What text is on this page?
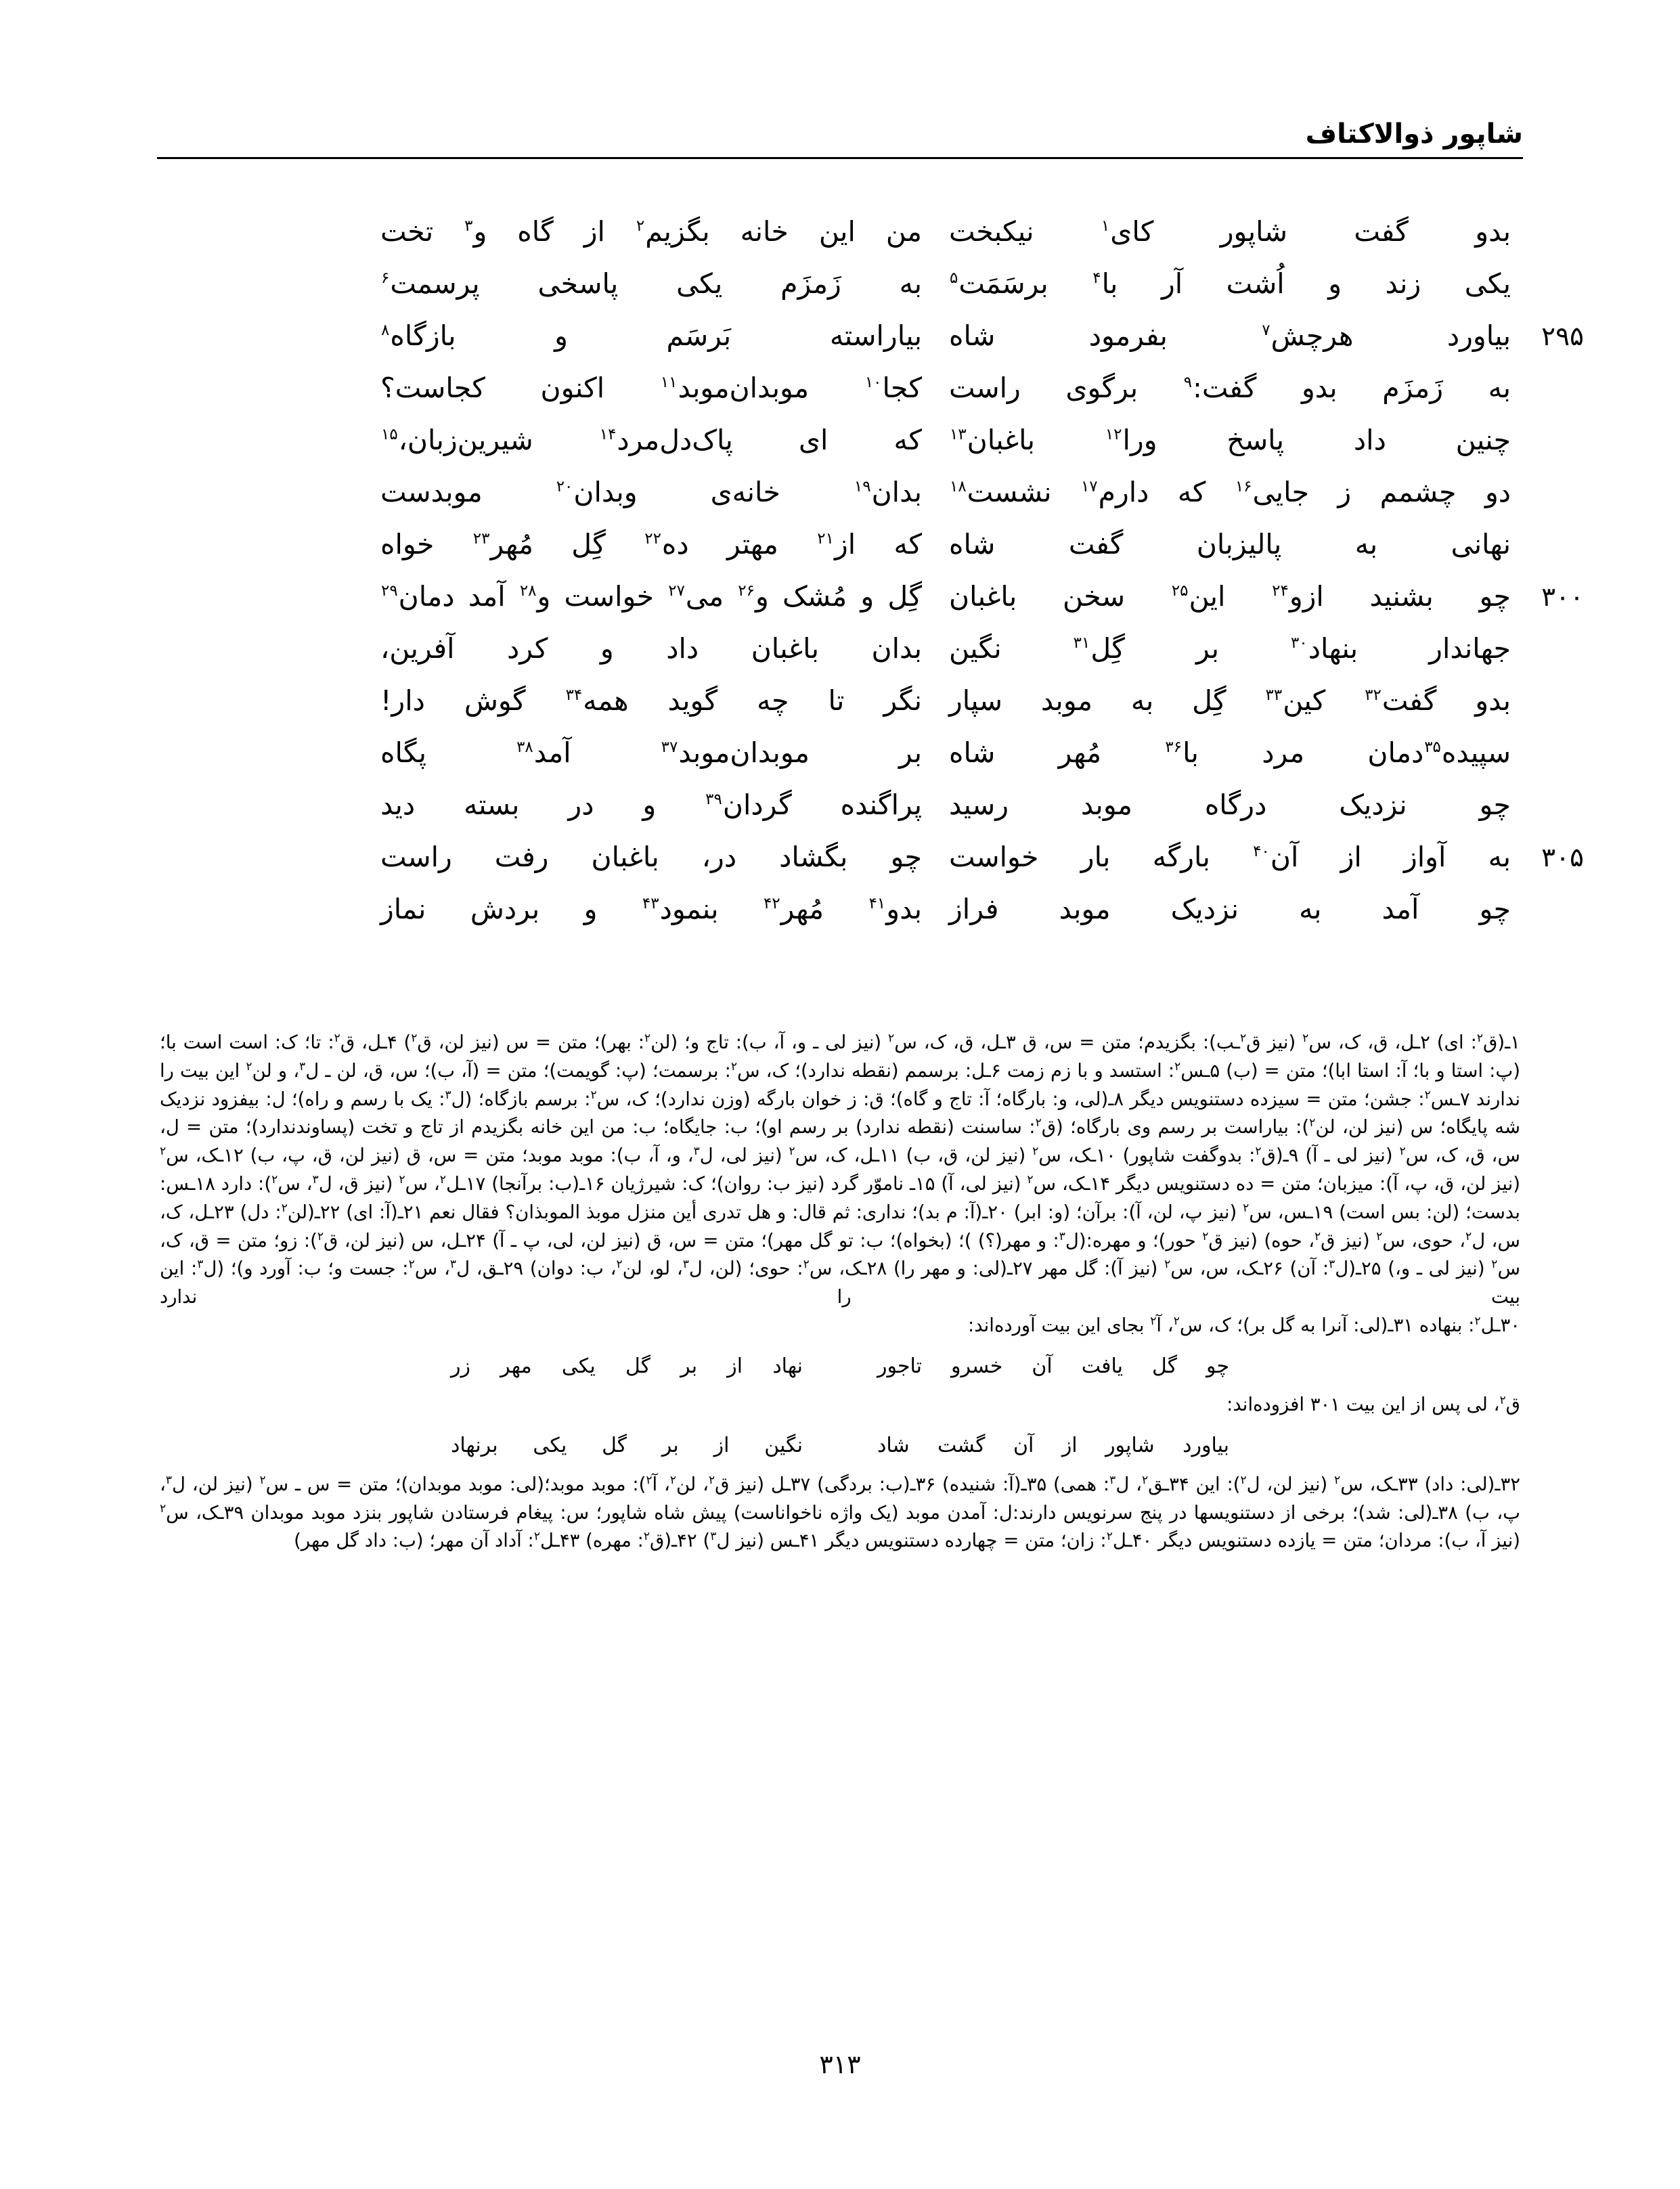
شاپور ذوالاکتاف
بدو گفت شاپور کای$^۱$ نیکبخت
من این خانه بگزیم$^۲$ از گاه و$^۳$ تخت
یکی زند و اُشت آر با$^۴$ برسَمَت$^۵$
به زَمزَم یکی پاسخی پرسمت$^۶$
۲۹۵
بیاورد هرچش$^۷$ بفرمود شاه
بیاراسته بَرسَم و بازگاه$^۸$
به زَمزَم بدو گفت:$^۹$ برگوی راست
کجا$^{۱۰}$ موبدان‌موبد$^{۱۱}$ اکنون کجاست؟
چنین داد پاسخ ورا$^{۱۲}$ باغبان$^{۱۳}$
که ای پاک‌دل‌مرد$^{۱۴}$ شیرین‌زبان،$^{۱۵}$
دو چشمم ز جایی$^{۱۶}$ که دارم$^{۱۷}$ نشست$^{۱۸}$
بدان$^{۱۹}$ خانه‌ی وبدان$^{۲۰}$ موبدست
نهانی به پالیزبان گفت شاه
که از$^{۲۱}$ مهتر ده$^{۲۲}$ گِل مُهر$^{۲۳}$ خواه
۳۰۰
چو بشنید ازو$^{۲۴}$ این$^{۲۵}$ سخن باغبان
گِل و مُشک و$^{۲۶}$ می$^{۲۷}$ خواست و$^{۲۸}$ آمد دمان$^{۲۹}$
جهاندار بنهاد$^{۳۰}$ بر گِل$^{۳۱}$ نگین
بدان باغبان داد و کرد آفرین،
بدو گفت$^{۳۲}$ کین$^{۳۳}$ گِل به موبد سپار
نگر تا چه گوید همه$^{۳۴}$ گوش دار!
سپیده$^{۳۵}$دمان مرد با$^{۳۶}$ مُهر شاه
بر موبدان‌موبد$^{۳۷}$ آمد$^{۳۸}$ پگاه
چو نزدیک درگاه موبد رسید
پراگنده گردان$^{۳۹}$ و در بسته دید
۳۰۵
به آواز از آن$^{۴۰}$ بارگه بار خواست
چو بگشاد در، باغبان رفت راست
چو آمد به نزدیک موبد فراز
بدو$^{۴۱}$ مُهر$^{۴۲}$ بنمود$^{۴۳}$ و بردش نماز

۱ـ(ق$^۲$: ای) ۲ـل، ق، ک، س$^۲$ (نیز ق$^۲$ـب): بگزیدم؛ متن = س، ق ۳ـل، ق، ک، س$^۲$ (نیز لی ـ و، آ، ب): تاج و؛ (لن$^۲$: بهر)؛ متن = س (نیز لن، ق$^۲$) ۴ـل، ق$^۲$: تا؛ ک: است است با؛ (پ: استا و با؛ آ: استا ابا)؛ متن = (ب) ۵ـس$^۲$: استسد و با زم زمت ۶ـل: برسمم (نقطه ندارد)؛ ک، س$^۲$: برسمت؛ (پ: گویمت)؛ متن = (آ، ب)؛ س، ق، لن ـ ل$^۳$، و لن$^۲$ این بیت را ندارند ۷ـس$^۲$: جشن؛ متن = سیزده دستنویس دیگر ۸ـ(لی، و: بارگاه؛ آ: تاج و گاه)؛ ق: ز خوان بارگه (وزن ندارد)؛ ک، س$^۲$: برسم بازگاه؛ (ل$^۳$: یک با رسم و راه)؛ ل: بیفزود نزدیک شه پایگاه؛ س (نیز لن، لن$^۲$): بیاراست بر رسم وی بارگاه؛ (ق$^۲$: ساسنت (نقطه ندارد) بر رسم او)؛ ب: جایگاه؛ ب: من این خانه بگزیدم از تاج و تخت (پساوندندارد)؛ متن = ل، س، ق، ک، س$^۲$ (نیز لی ـ آ) ۹ـ(ق$^۲$: بدوگفت شاپور) ۱۰ـک، س$^۲$ (نیز لن، ق، ب) ۱۱ـل، ک، س$^۲$ (نیز لی، ل$^۳$، و، آ، ب): موبد موبد؛ متن = س، ق (نیز لن، ق، پ، ب) ۱۲ـک، س$^۲$ (نیز لن، ق، پ، آ): میزبان؛ متن = ده دستنویس دیگر ۱۴ـک، س$^۲$ (نیز لی، آ) ۱۵ـ ناموّر گرد (نیز ب: روان)؛ ک: شیرژیان ۱۶ـ(ب: برآنجا) ۱۷ـل$^۲$، س$^۲$ (نیز ق، ل$^۳$، س$^۲$): دارد ۱۸ـس: بدست؛ (لن: بس است) ۱۹ـس، س$^۲$ (نیز پ، لن، آ): برآن؛ (و: ابر) ۲۰ـ(آ: م بد)؛ ندارى: ثم قال: و هل تدرى أين منزل موبذ الموبذان؟ فقال نعم ۲۱ـ(آ: ای) ۲۲ـ(لن$^۲$: دل) ۲۳ـل، ک، س، ل$^۲$، حوی، س$^۲$ (نیز ق$^۲$، حوه) (نیز ق$^۲$ حور)؛ و مهره:(ل$^۳$: و مهر(؟) )؛ (بخواه)؛ ب: تو گل مهر)؛ متن = س، ق (نیز لن، لی، پ ـ آ) ۲۴ـل، س (نیز لن، ق$^۲$): زو؛ متن = ق، ک، س$^۲$ (نیز لی ـ و،) ۲۵ـ(ل$^۳$: آن) ۲۶ـک، س، س$^۲$ (نیز آ): گل مهر ۲۷ـ(لی: و مهر را) ۲۸ـک، س$^۲$: حوی؛ (لن، ل$^۳$، لو، لن$^۲$، ب: دوان) ۲۹ـق، ل$^۳$، س$^۲$: جست و؛ ب: آورد و)؛ (ل$^۳$: این بیت را ندارد

۳۰ـل$^۲$: بنهاده ۳۱ـ(لی: آنرا به گل بر)؛ ک، س$^۲$، آ$^۲$ بجای این بیت آورده‌اند:

چو گل یافت آن خسرو تاجور
نهاد از بر گل یکی مهر زر

ق$^۲$، لی پس از این بیت ۳۰۱ افزوده‌اند:

بیاورد شاپور از آن گشت شاد
نگین از بر گل یکی برنهاد

۳۲ـ(لی: داد) ۳۳ـک، س$^۲$ (نیز لن، ل$^۲$): این ۳۴ـق$^۲$، ل$^۳$: همی) ۳۵ـ(آ: شنیده) ۳۶ـ(ب: بردگی) ۳۷ـل (نیز ق$^۲$، لن$^۲$، آ$^۲$): موبد موبد؛(لی: موبد موبدان)؛ متن = س ـ س$^۲$ (نیز لن، ل$^۳$، پ، ب) ۳۸ـ(لی: شد)؛ برخی از دستنویسها در پنج سرنویس دارند:ل: آمدن موبد (یک واژه ناخواناست) پیش شاه شاپور؛ س: پیغام فرستادن شاپور بنزد موبد موبدان ۳۹ـک، س$^۲$ (نیز آ، ب): مردان؛ متن = یازده دستنویس دیگر ۴۰ـل$^۲$: زان؛ متن = چهارده دستنویس دیگر ۴۱ـس (نیز ل$^۳$) ۴۲ـ(ق$^۲$: مهره) ۴۳ـل$^۲$: آداد آن مهر؛ (ب: داد گل مهر)

۳۱۳
